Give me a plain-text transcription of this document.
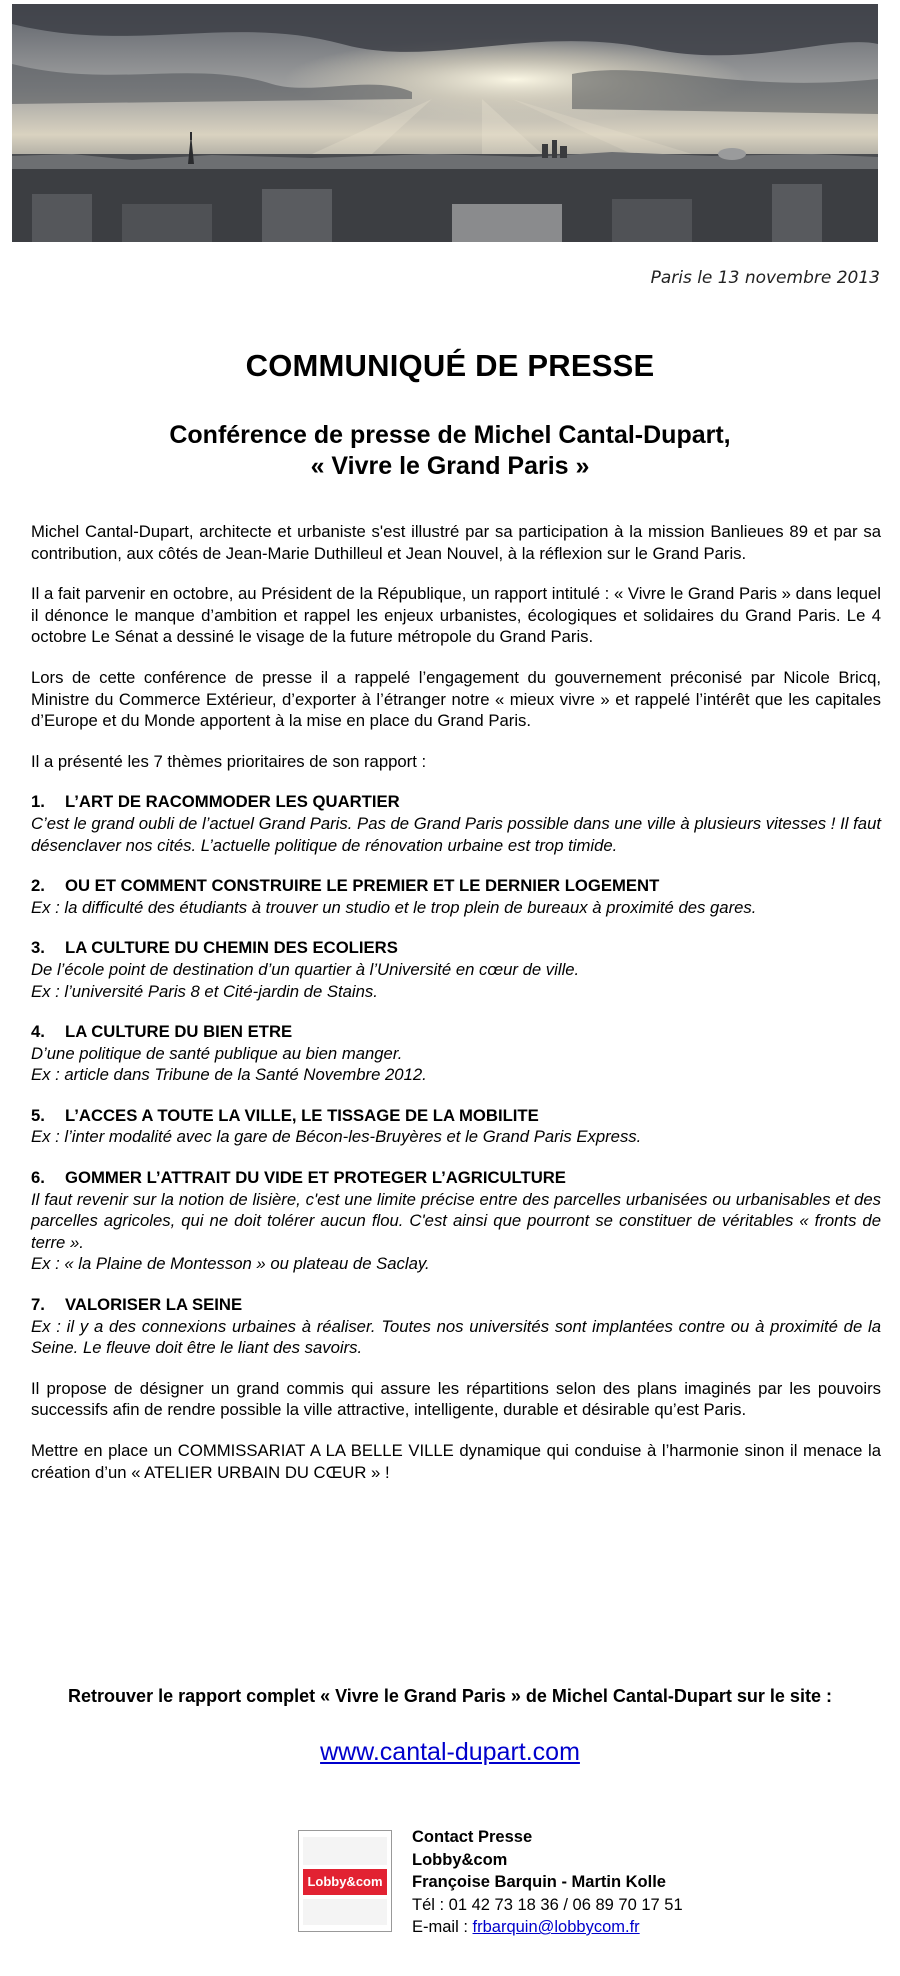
Paris le 13 novembre 2013
COMMUNIQUÉ DE PRESSE
Conférence de presse de Michel Cantal-Dupart,
« Vivre le Grand Paris »

Michel Cantal-Dupart, architecte et urbaniste s'est illustré par sa participation à la mission Banlieues 89 et par sa contribution, aux côtés de Jean-Marie Duthilleul et Jean Nouvel, à la réflexion sur le Grand Paris.

Il a fait parvenir en octobre, au Président de la République, un rapport intitulé : « Vivre le Grand Paris » dans lequel il dénonce le manque d’ambition et rappel les enjeux urbanistes, écologiques et solidaires du Grand Paris. Le 4 octobre Le Sénat a dessiné le visage de la future métropole du Grand Paris.

Lors de cette conférence de presse il a rappelé l’engagement du gouvernement préconisé par Nicole Bricq, Ministre du Commerce Extérieur, d’exporter à l’étranger notre « mieux vivre » et rappelé l’intérêt que les capitales d’Europe et du Monde apportent à la mise en place du Grand Paris.

Il a présenté les 7 thèmes prioritaires de son rapport :
1. L’ART DE RACOMMODER LES QUARTIER
C’est le grand oubli de l’actuel Grand Paris. Pas de Grand Paris possible dans une ville à plusieurs vitesses ! Il faut désenclaver nos cités. L’actuelle politique de rénovation urbaine est trop timide.
2. OU ET COMMENT CONSTRUIRE LE PREMIER ET LE DERNIER LOGEMENT
Ex : la difficulté des étudiants à trouver un studio et le trop plein de bureaux à proximité des gares.
3. LA CULTURE DU CHEMIN DES ECOLIERS
De l’école point de destination d’un quartier à l’Université en cœur de ville.
Ex : l’université Paris 8 et Cité-jardin de Stains.
4. LA CULTURE DU BIEN ETRE
D’une politique de santé publique au bien manger.
Ex : article dans Tribune de la Santé Novembre 2012.
5. L’ACCES A TOUTE LA VILLE, LE TISSAGE DE LA MOBILITE
Ex : l’inter modalité avec la gare de Bécon-les-Bruyères et le Grand Paris Express.
6. GOMMER L’ATTRAIT DU VIDE ET PROTEGER L’AGRICULTURE
Il faut revenir sur la notion de lisière, c'est une limite précise entre des parcelles urbanisées ou urbanisables et des parcelles agricoles, qui ne doit tolérer aucun flou. C'est ainsi que pourront se constituer de véritables « fronts de terre ».
Ex : « la Plaine de Montesson » ou plateau de Saclay.
7. VALORISER LA SEINE
Ex : il y a des connexions urbaines à réaliser. Toutes nos universités sont implantées contre ou à proximité de la Seine. Le fleuve doit être le liant des savoirs.

Il propose de désigner un grand commis qui assure les répartitions selon des plans imaginés par les pouvoirs successifs afin de rendre possible la ville attractive, intelligente, durable et désirable qu’est Paris.

Mettre en place un COMMISSARIAT A LA BELLE VILLE dynamique qui conduise à l’harmonie sinon il menace la création d’un « ATELIER URBAIN DU CŒUR » !

Retrouver le rapport complet « Vivre le Grand Paris » de Michel Cantal-Dupart sur le site :
www.cantal-dupart.com
Lobby&com
Contact Presse
Lobby&com
Françoise Barquin - Martin Kolle
Tél : 01 42 73 18 36 / 06 89 70 17 51
E-mail : frbarquin@lobbycom.fr
